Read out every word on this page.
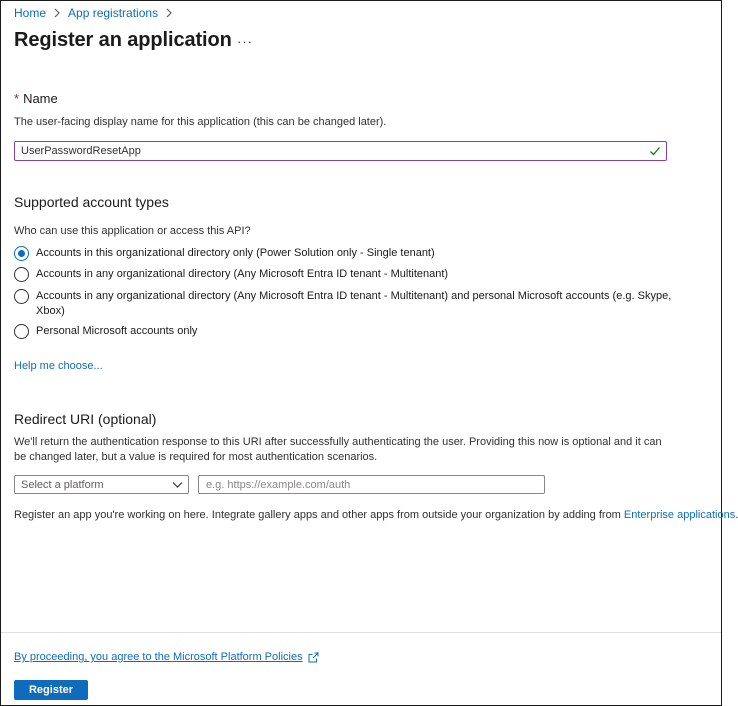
Home App registrations
Register an application ···
* Name
The user-facing display name for this application (this can be changed later).
UserPasswordResetApp
Supported account types
Who can use this application or access this API?
Accounts in this organizational directory only (Power Solution only - Single tenant)
Accounts in any organizational directory (Any Microsoft Entra ID tenant - Multitenant)
Accounts in any organizational directory (Any Microsoft Entra ID tenant - Multitenant) and personal Microsoft accounts (e.g. Skype, Xbox)
Personal Microsoft accounts only
Help me choose...
Redirect URI (optional)
We'll return the authentication response to this URI after successfully authenticating the user. Providing this now is optional and it can be changed later, but a value is required for most authentication scenarios.
Select a platform	e.g. https://example.com/auth
Register an app you're working on here. Integrate gallery apps and other apps from outside your organization by adding from Enterprise applications.
By proceeding, you agree to the Microsoft Platform Policies
Register
